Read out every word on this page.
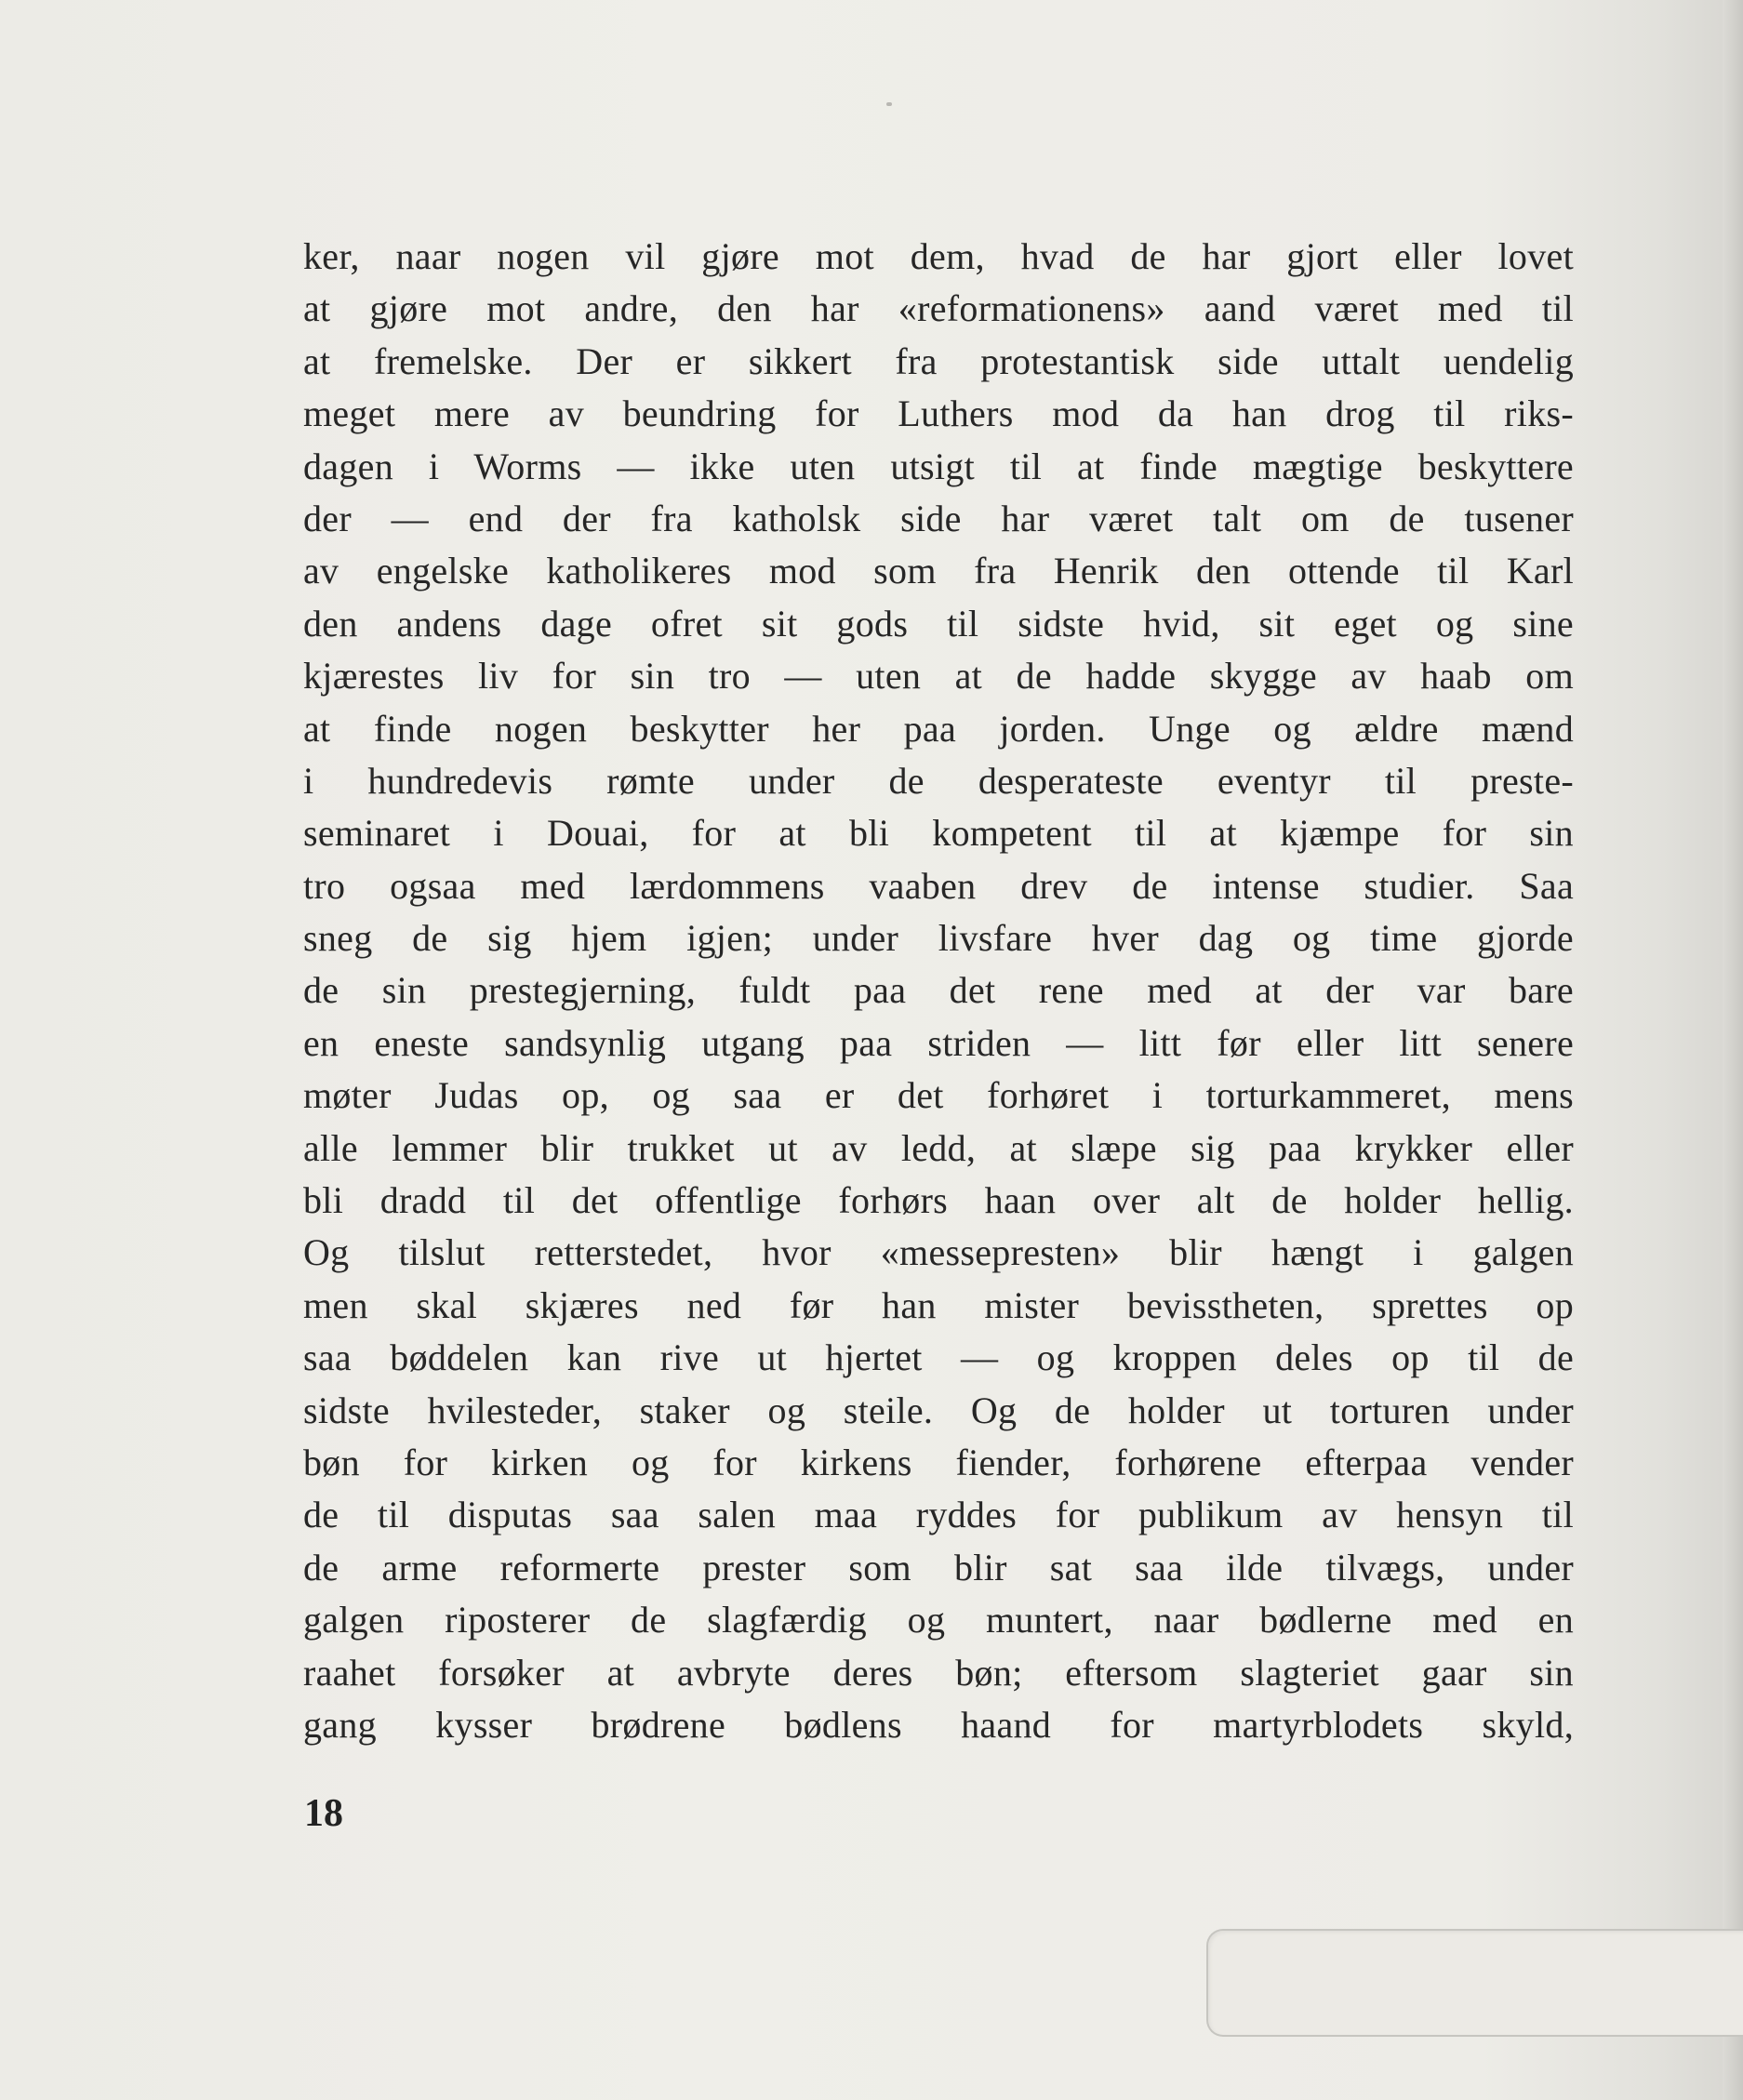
ker, naar nogen vil gjøre mot dem, hvad de har gjort eller lovet
at gjøre mot andre, den har «reformationens» aand været med til
at fremelske. Der er sikkert fra protestantisk side uttalt uendelig
meget mere av beundring for Luthers mod da han drog til riks-
dagen i Worms — ikke uten utsigt til at finde mægtige beskyttere
der — end der fra katholsk side har været talt om de tusener
av engelske katholikeres mod som fra Henrik den ottende til Karl
den andens dage ofret sit gods til sidste hvid, sit eget og sine
kjærestes liv for sin tro — uten at de hadde skygge av haab om
at finde nogen beskytter her paa jorden. Unge og ældre mænd
i hundredevis rømte under de desperateste eventyr til preste-
seminaret i Douai, for at bli kompetent til at kjæmpe for sin
tro ogsaa med lærdommens vaaben drev de intense studier. Saa
sneg de sig hjem igjen; under livsfare hver dag og time gjorde
de sin prestegjerning, fuldt paa det rene med at der var bare
en eneste sandsynlig utgang paa striden — litt før eller litt senere
møter Judas op, og saa er det forhøret i torturkammeret, mens
alle lemmer blir trukket ut av ledd, at slæpe sig paa krykker eller
bli dradd til det offentlige forhørs haan over alt de holder hellig.
Og tilslut retterstedet, hvor «messepresten» blir hængt i galgen
men skal skjæres ned før han mister bevisstheten, sprettes op
saa bøddelen kan rive ut hjertet — og kroppen deles op til de
sidste hvilesteder, staker og steile. Og de holder ut torturen under
bøn for kirken og for kirkens fiender, forhørene efterpaa vender
de til disputas saa salen maa ryddes for publikum av hensyn til
de arme reformerte prester som blir sat saa ilde tilvægs, under
galgen riposterer de slagfærdig og muntert, naar bødlerne med en
raahet forsøker at avbryte deres bøn; eftersom slagteriet gaar sin
gang kysser brødrene bødlens haand for martyrblodets skyld,
18
